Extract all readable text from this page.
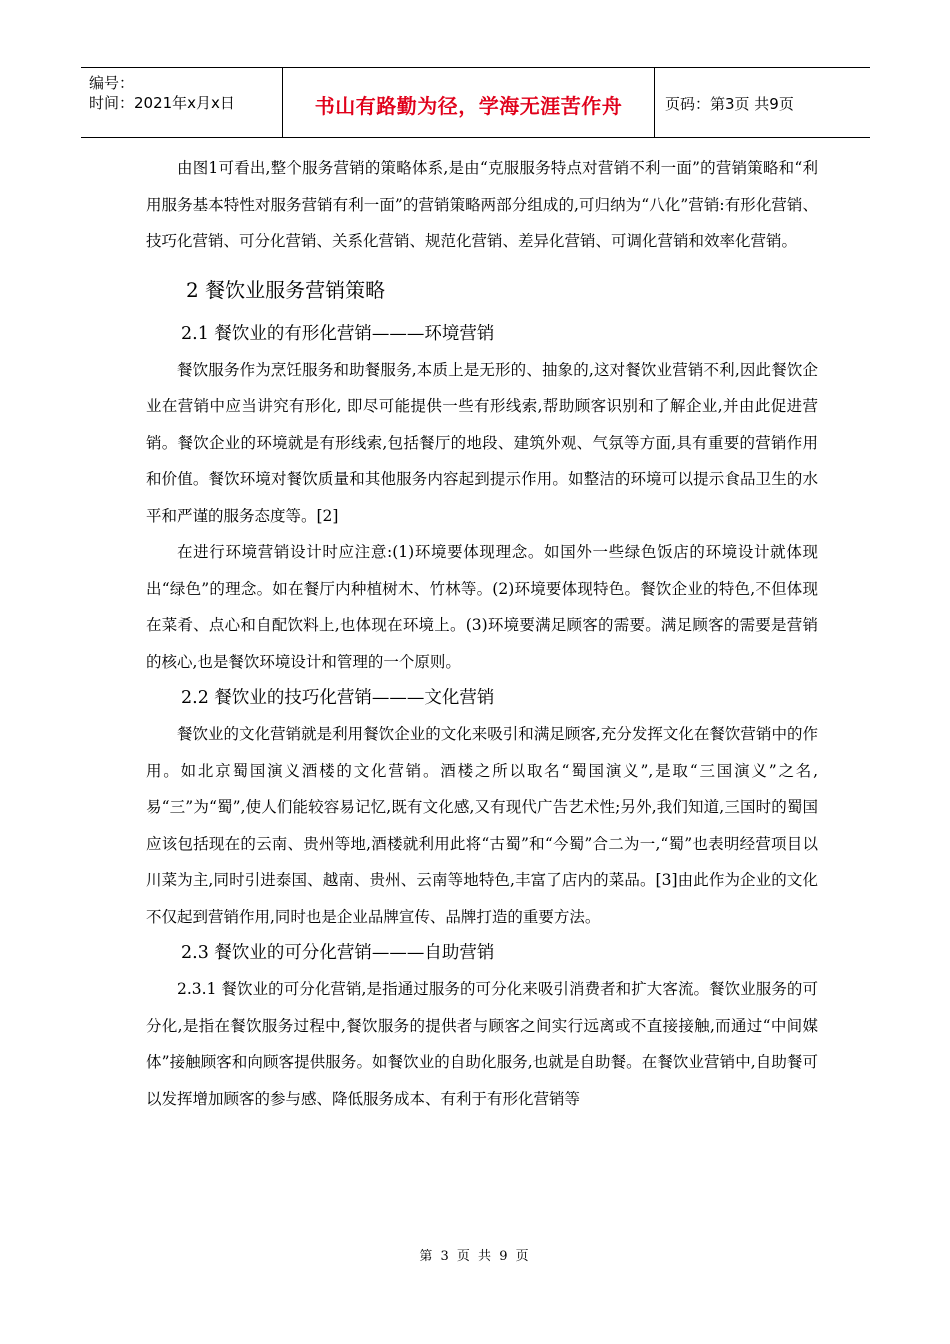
编号：
时间：2021年x月x日	书山有路勤为径，学海无涯苦作舟	页码：第3页 共9页

由图1可看出,整个服务营销的策略体系,是由“克服服务特点对营销不利一面”的营销策略和“利用服务基本特性对服务营销有利一面”的营销策略两部分组成的,可归纳为“八化”营销:有形化营销、技巧化营销、可分化营销、关系化营销、规范化营销、差异化营销、可调化营销和效率化营销。

2 餐饮业服务营销策略
2.1 餐饮业的有形化营销———环境营销

餐饮服务作为烹饪服务和助餐服务,本质上是无形的、抽象的,这对餐饮业营销不利,因此餐饮企业在营销中应当讲究有形化, 即尽可能提供一些有形线索,帮助顾客识别和了解企业,并由此促进营销。餐饮企业的环境就是有形线索,包括餐厅的地段、建筑外观、气氛等方面,具有重要的营销作用和价值。餐饮环境对餐饮质量和其他服务内容起到提示作用。如整洁的环境可以提示食品卫生的水平和严谨的服务态度等。[2]

在进行环境营销设计时应注意:(1)环境要体现理念。如国外一些绿色饭店的环境设计就体现出“绿色”的理念。如在餐厅内种植树木、竹林等。(2)环境要体现特色。餐饮企业的特色,不但体现在菜肴、点心和自配饮料上,也体现在环境上。(3)环境要满足顾客的需要。满足顾客的需要是营销的核心,也是餐饮环境设计和管理的一个原则。

2.2 餐饮业的技巧化营销———文化营销

餐饮业的文化营销就是利用餐饮企业的文化来吸引和满足顾客,充分发挥文化在餐饮营销中的作用。如北京蜀国演义酒楼的文化营销。酒楼之所以取名“蜀国演义”,是取“三国演义”之名,易“三”为“蜀”,使人们能较容易记忆,既有文化感,又有现代广告艺术性;另外,我们知道,三国时的蜀国应该包括现在的云南、贵州等地,酒楼就利用此将“古蜀”和“今蜀”合二为一,“蜀”也表明经营项目以川菜为主,同时引进泰国、越南、贵州、云南等地特色,丰富了店内的菜品。[3]由此作为企业的文化不仅起到营销作用,同时也是企业品牌宣传、品牌打造的重要方法。

2.3 餐饮业的可分化营销———自助营销

2.3.1 餐饮业的可分化营销,是指通过服务的可分化来吸引消费者和扩大客流。餐饮业服务的可分化,是指在餐饮服务过程中,餐饮服务的提供者与顾客之间实行远离或不直接接触,而通过“中间媒体”接触顾客和向顾客提供服务。如餐饮业的自助化服务,也就是自助餐。在餐饮业营销中,自助餐可以发挥增加顾客的参与感、降低服务成本、有利于有形化营销等

第 3 页 共 9 页
